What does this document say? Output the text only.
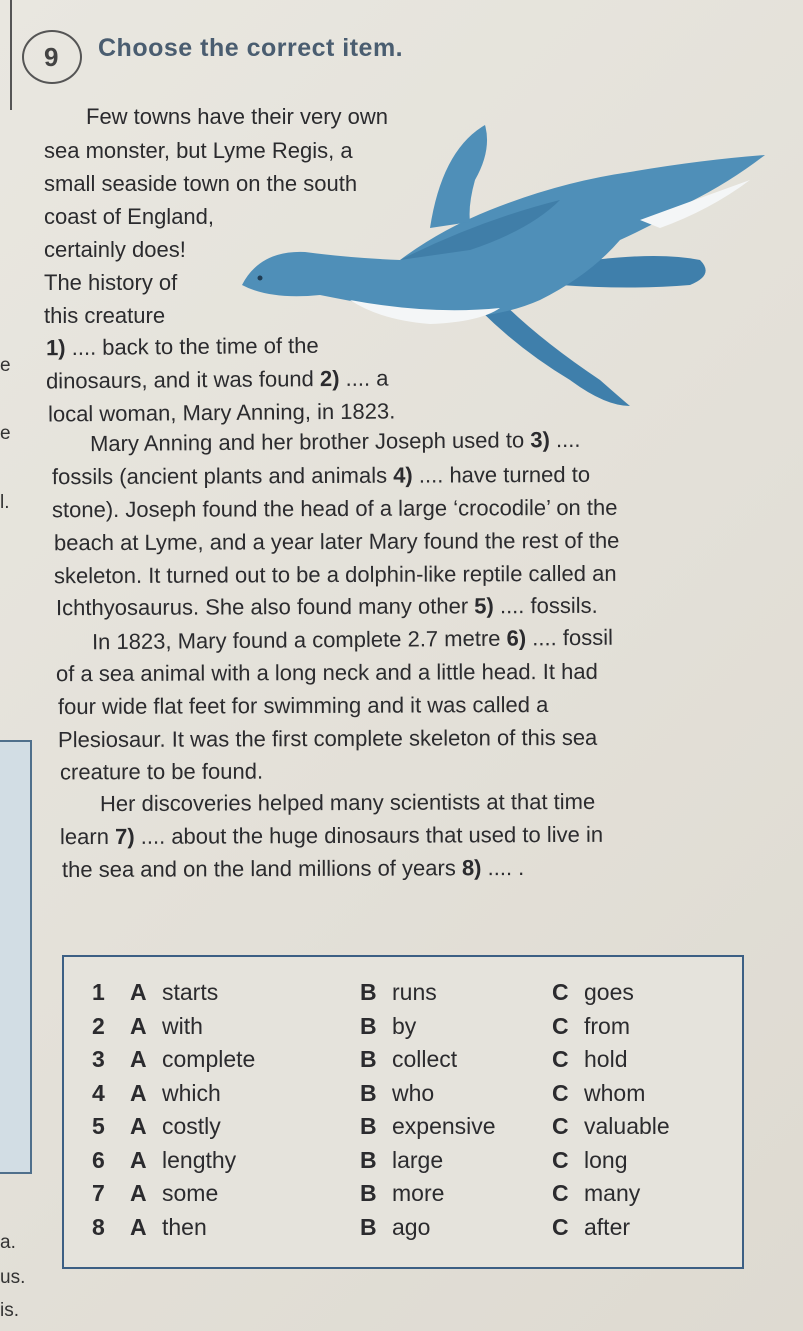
e
e
l.
a.
us.
is.
9 Choose the correct item.
Few towns have their very own
sea monster, but Lyme Regis, a
small seaside town on the south
coast of England,
certainly does!
The history of
this creature
1) .... back to the time of the
dinosaurs, and it was found 2) .... a
local woman, Mary Anning, in 1823.
Mary Anning and her brother Joseph used to 3) ....
fossils (ancient plants and animals 4) .... have turned to
stone). Joseph found the head of a large ‘crocodile’ on the
beach at Lyme, and a year later Mary found the rest of the
skeleton. It turned out to be a dolphin-like reptile called an
Ichthyosaurus. She also found many other 5) .... fossils.
In 1823, Mary found a complete 2.7 metre 6) .... fossil
of a sea animal with a long neck and a little head. It had
four wide flat feet for swimming and it was called a
Plesiosaur. It was the first complete skeleton of this sea
creature to be found.
Her discoveries helped many scientists at that time
learn 7) .... about the huge dinosaurs that used to live in
the sea and on the land millions of years 8) .... .
1 A starts	B runs	C goes
2 A with	B by	C from
3 A complete	B collect	C hold
4 A which	B who	C whom
5 A costly	B expensive C valuable
6 A lengthy	B large	C long
7 A some	B more	C many
8 A then	B ago	C after
